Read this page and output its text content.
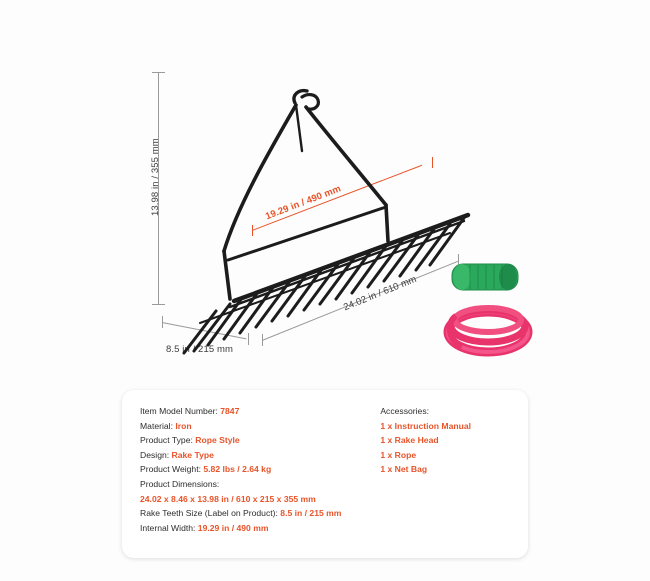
13.98 in / 355 mm
8.5 in / 215 mm
24.02 in / 610 mm
19.29 in / 490 mm
Item Model Number: 7847
Material: Iron
Product Type: Rope Style
Design: Rake Type
Product Weight: 5.82 lbs / 2.64 kg
Product Dimensions:
24.02 x 8.46 x 13.98 in / 610 x 215 x 355 mm
Rake Teeth Size (Label on Product): 8.5 in / 215 mm
Internal Width: 19.29 in / 490 mm
Accessories:
1 x Instruction Manual
1 x Rake Head
1 x Rope
1 x Net Bag
